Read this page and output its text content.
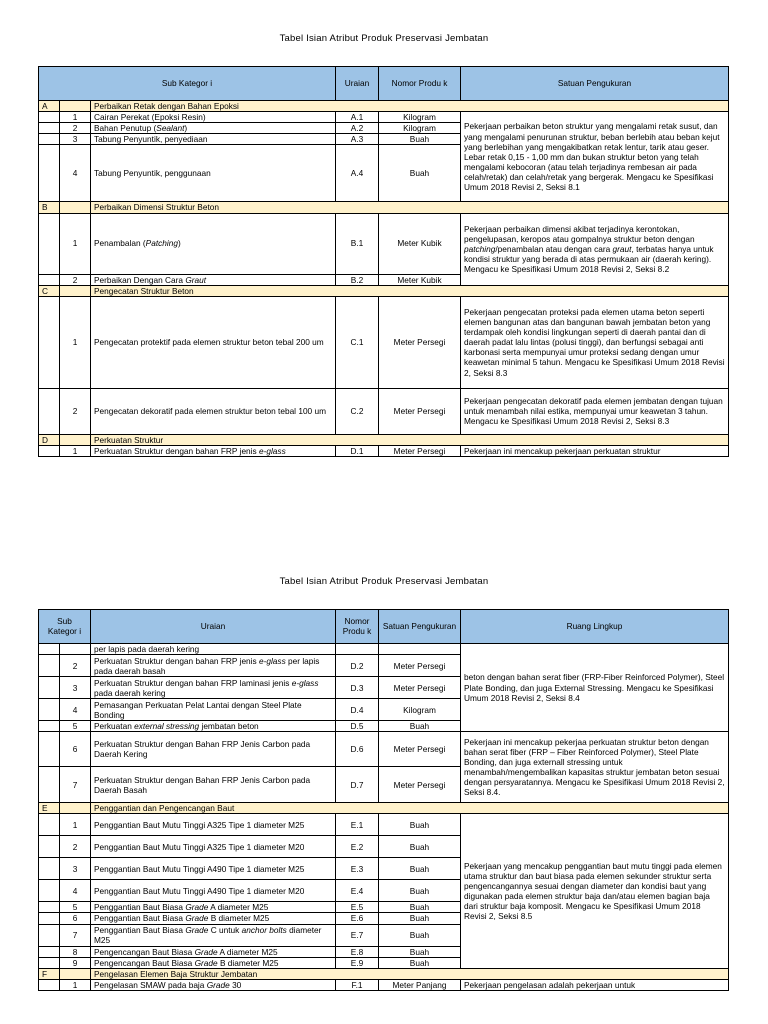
Tabel Isian Atribut Produk Preservasi Jembatan
Sub Kategor i	Uraian	Nomor Produ k	Satuan Pengukuran	
A		Perbaikan Retak dengan Bahan Epoksi			
	1	Cairan Perekat (Epoksi Resin)	A.1	Kilogram	Pekerjaan perbaikan beton struktur yang mengalami retak susut, dan yang mengalami penurunan struktur, beban berlebih atau beban kejut yang berlebihan yang mengakibatkan retak lentur, tarik atau geser. Lebar retak 0,15 - 1,00 mm dan bukan struktur beton yang telah mengalami kebocoran (atau telah terjadinya rembesan air pada celah/retak) dan celah/retak yang bergerak. Mengacu ke Spesifikasi Umum 2018 Revisi 2, Seksi 8.1
	2	Bahan Penutup (Sealant)	A.2	Kilogram	
	3	Tabung Penyuntik, penyediaan	A.3	Buah	
	4	Tabung Penyuntik, penggunaan	A.4	Buah	
B		Perbaikan Dimensi Struktur Beton			
	1	Penambalan (Patching)	B.1	Meter Kubik	Pekerjaan perbaikan dimensi akibat terjadinya kerontokan, pengelupasan, keropos atau gompalnya struktur beton dengan patching/penambalan atau dengan cara graut, terbatas hanya untuk kondisi struktur yang berada di atas permukaan air (daerah kering). Mengacu ke Spesifikasi Umum 2018 Revisi 2, Seksi 8.2
	2	Perbaikan Dengan Cara Graut	B.2	Meter Kubik	
C		Pengecatan Struktur Beton			
	1	Pengecatan protektif pada elemen struktur beton tebal 200 um	C.1	Meter Persegi	Pekerjaan pengecatan proteksi pada elemen utama beton seperti elemen bangunan atas dan bangunan bawah jembatan beton yang terdampak oleh kondisi lingkungan seperti di daerah pantai dan di daerah padat lalu lintas (polusi tinggi), dan berfungsi sebagai anti karbonasi serta mempunyai umur proteksi sedang dengan umur keawetan minimal 5 tahun. Mengacu ke Spesifikasi Umum 2018 Revisi 2, Seksi 8.3
	2	Pengecatan dekoratif pada elemen struktur beton tebal 100 um	C.2	Meter Persegi	Pekerjaan pengecatan dekoratif pada elemen jembatan dengan tujuan untuk menambah nilai estika, mempunyai umur keawetan 3 tahun. Mengacu ke Spesifikasi Umum 2018 Revisi 2, Seksi 8.3
D		Perkuatan Struktur			
	1	Perkuatan Struktur dengan bahan FRP jenis e-glass	D.1	Meter Persegi	Pekerjaan ini mencakup pekerjaan perkuatan struktur
Tabel Isian Atribut Produk Preservasi Jembatan
Sub Kategor i	Uraian	Nomor Produ k	Satuan Pengukuran	Ruang Lingkup
		per lapis pada daerah kering			beton dengan bahan serat fiber (FRP-Fiber Reinforced Polymer), Steel Plate Bonding, dan juga External Stressing. Mengacu ke Spesifikasi Umum 2018 Revisi 2, Seksi 8.4
	2	Perkuatan Struktur dengan bahan FRP jenis e-glass per lapis pada daerah basah	D.2	Meter Persegi	
	3	Perkuatan Struktur dengan bahan FRP laminasi jenis e-glass pada daerah kering	D.3	Meter Persegi	
	4	Pemasangan Perkuatan Pelat Lantai dengan Steel Plate Bonding	D.4	Kilogram	
	5	Perkuatan external stressing jembatan beton	D.5	Buah	
	6	Perkuatan Struktur dengan Bahan FRP Jenis Carbon pada Daerah Kering	D.6	Meter Persegi	Pekerjaan ini mencakup pekerjaa perkuatan struktur beton dengan bahan serat fiber (FRP – Fiber Reinforced Polymer), Steel Plate Bonding, dan juga externall stressing untuk menambah/mengembalikan kapasitas struktur jembatan beton sesuai dengan persyaratannya. Mengacu ke Spesifikasi Umum 2018 Revisi 2, Seksi 8.4.
	7	Perkuatan Struktur dengan Bahan FRP Jenis Carbon pada Daerah Basah	D.7	Meter Persegi	
E		Penggantian dan Pengencangan Baut			
	1	Penggantian Baut Mutu Tinggi A325 Tipe 1 diameter M25	E.1	Buah	Pekerjaan yang mencakup penggantian baut mutu tinggi pada elemen utama struktur dan baut biasa pada elemen sekunder struktur serta pengencangannya sesuai dengan diameter dan kondisi baut yang digunakan pada elemen struktur baja dan/atau elemen bagian baja dari struktur baja komposit. Mengacu ke Spesifikasi Umum 2018 Revisi 2, Seksi 8.5
	2	Penggantian Baut Mutu Tinggi A325 Tipe 1 diameter M20	E.2	Buah	
	3	Penggantian Baut Mutu Tinggi A490 Tipe 1 diameter M25	E.3	Buah	
	4	Penggantian Baut Mutu Tinggi A490 Tipe 1 diameter M20	E.4	Buah	
	5	Penggantian Baut Biasa Grade A diameter M25	E.5	Buah	
	6	Penggantian Baut Biasa Grade B diameter M25	E.6	Buah	
	7	Penggantian Baut Biasa Grade C untuk anchor bolts diameter M25	E.7	Buah	
	8	Pengencangan Baut Biasa Grade A diameter M25	E.8	Buah	
	9	Pengencangan Baut Biasa Grade B diameter M25	E.9	Buah	
F		Pengelasan Elemen Baja Struktur Jembatan			
	1	Pengelasan SMAW pada baja Grade 30	F.1	Meter Panjang	Pekerjaan pengelasan adalah pekerjaan untuk
